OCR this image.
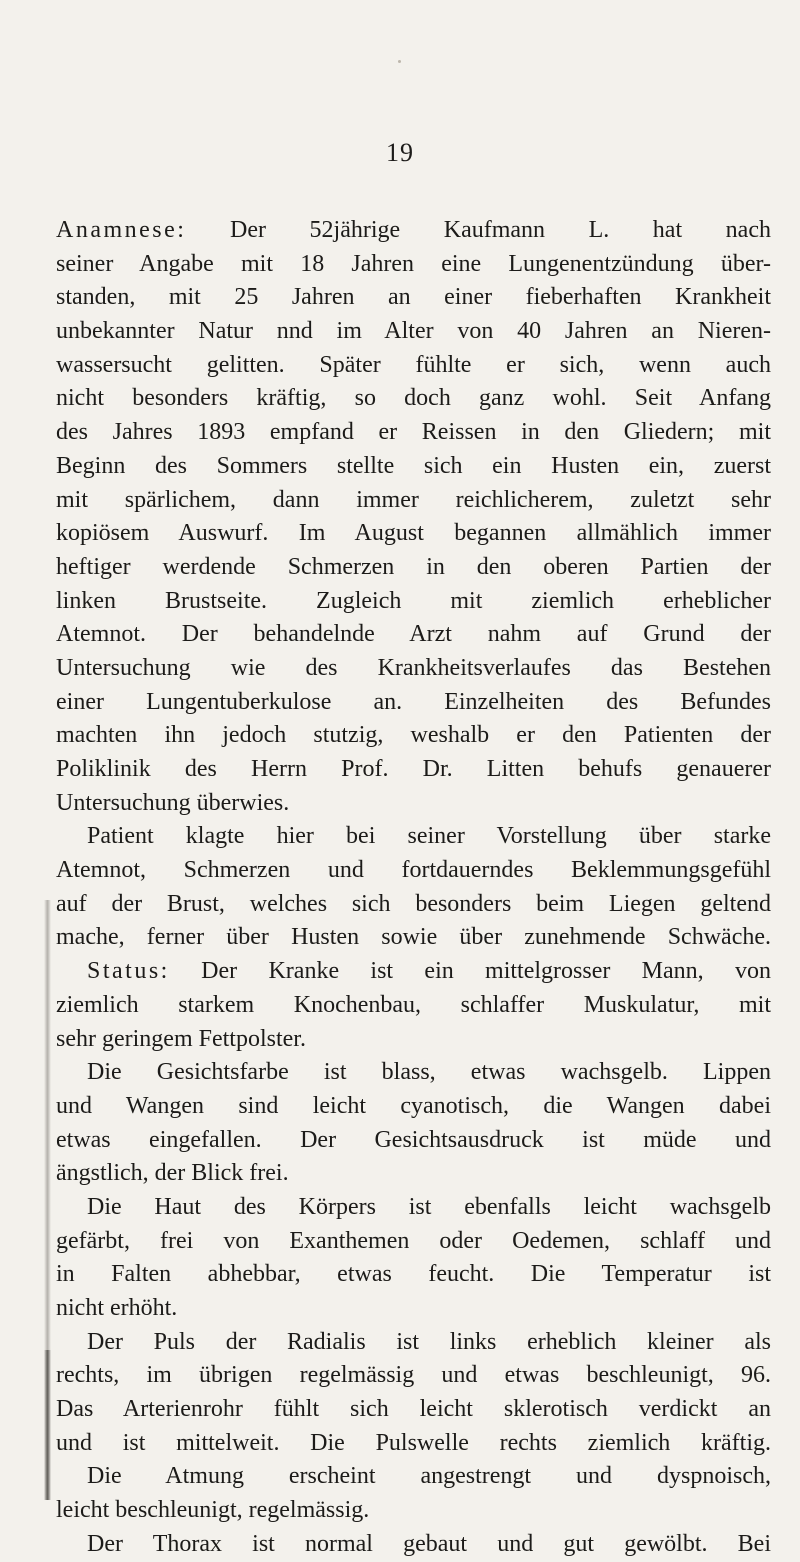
19
Anamnese: Der 52jährige Kaufmann L. hat nach
seiner Angabe mit 18 Jahren eine Lungenentzündung über-
standen, mit 25 Jahren an einer fieberhaften Krankheit
unbekannter Natur nnd im Alter von 40 Jahren an Nieren-
wassersucht gelitten. Später fühlte er sich, wenn auch
nicht besonders kräftig, so doch ganz wohl. Seit Anfang
des Jahres 1893 empfand er Reissen in den Gliedern; mit
Beginn des Sommers stellte sich ein Husten ein, zuerst
mit spärlichem, dann immer reichlicherem, zuletzt sehr
kopiösem Auswurf. Im August begannen allmählich immer
heftiger werdende Schmerzen in den oberen Partien der
linken Brustseite. Zugleich mit ziemlich erheblicher
Atemnot. Der behandelnde Arzt nahm auf Grund der
Untersuchung wie des Krankheitsverlaufes das Bestehen
einer Lungentuberkulose an. Einzelheiten des Befundes
machten ihn jedoch stutzig, weshalb er den Patienten der
Poliklinik des Herrn Prof. Dr. Litten behufs genauerer
Untersuchung überwies.
Patient klagte hier bei seiner Vorstellung über starke
Atemnot, Schmerzen und fortdauerndes Beklemmungsgefühl
auf der Brust, welches sich besonders beim Liegen geltend
mache, ferner über Husten sowie über zunehmende Schwäche.
Status: Der Kranke ist ein mittelgrosser Mann, von
ziemlich starkem Knochenbau, schlaffer Muskulatur, mit
sehr geringem Fettpolster.
Die Gesichtsfarbe ist blass, etwas wachsgelb. Lippen
und Wangen sind leicht cyanotisch, die Wangen dabei
etwas eingefallen. Der Gesichtsausdruck ist müde und
ängstlich, der Blick frei.
Die Haut des Körpers ist ebenfalls leicht wachsgelb
gefärbt, frei von Exanthemen oder Oedemen, schlaff und
in Falten abhebbar, etwas feucht. Die Temperatur ist
nicht erhöht.
Der Puls der Radialis ist links erheblich kleiner als
rechts, im übrigen regelmässig und etwas beschleunigt, 96.
Das Arterienrohr fühlt sich leicht sklerotisch verdickt an
und ist mittelweit. Die Pulswelle rechts ziemlich kräftig.
Die Atmung erscheint angestrengt und dyspnoisch,
leicht beschleunigt, regelmässig.
Der Thorax ist normal gebaut und gut gewölbt. Bei
